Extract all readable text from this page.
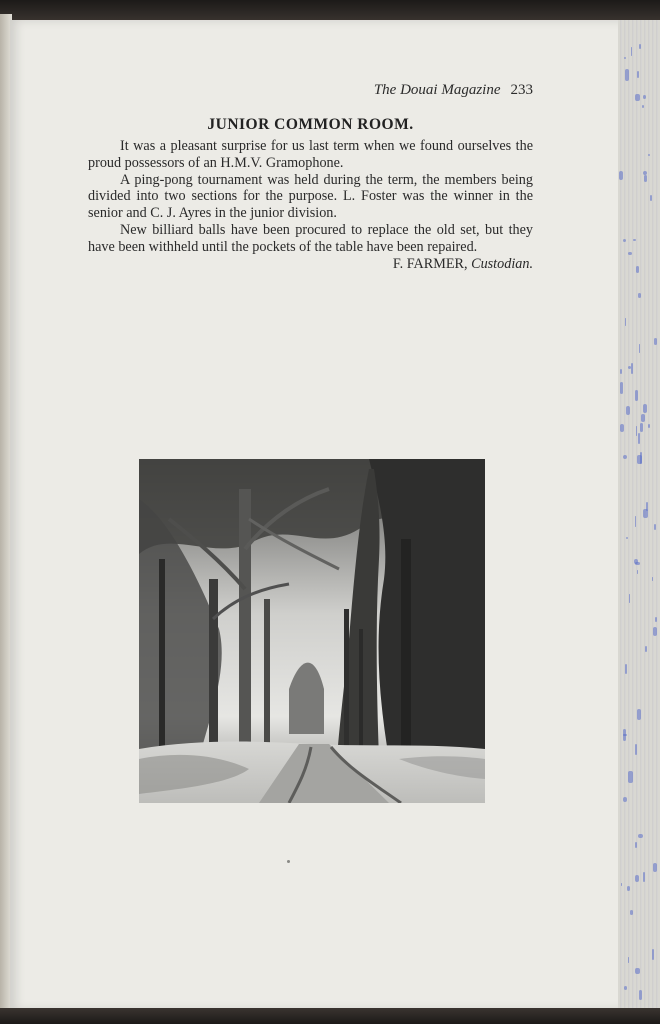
The Douai Magazine 233
JUNIOR COMMON ROOM.

It was a pleasant surprise for us last term when we found ourselves the proud possessors of an H.M.V. Gramophone.

A ping-pong tournament was held during the term, the members being divided into two sections for the purpose. L. Foster was the winner in the senior and C. J. Ayres in the junior division.

New billiard balls have been procured to replace the old set, but they have been withheld until the pockets of the table have been repaired.
F. FARMER, Custodian.
